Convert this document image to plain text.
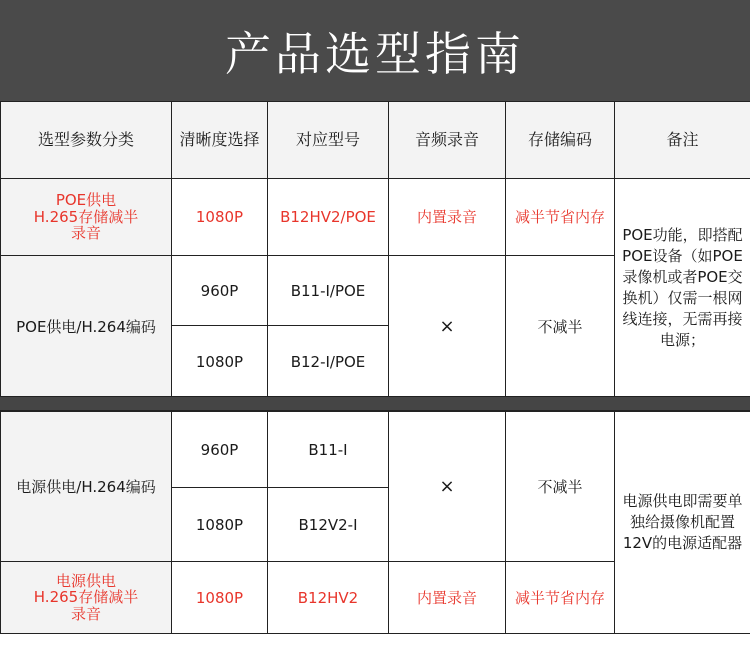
产品选型指南
选型参数分类	清晰度选择	对应型号	音频录音	存储编码	备注

POE供电
H.265存储减半
录音	1080P	B12HV2/POE	内置录音	减半节省内存	POE功能，即搭配POE设备（如POE录像机或者POE交换机）仅需一根网线连接，无需再接电源；
POE供电/H.264编码	960P	B11-I/POE	×	不减半	
	1080P	B12-I/POE			
电源供电/H.264编码	960P	B11-I	×	不减半	电源供电即需要单独给摄像机配置12V的电源适配器
	1080P	B12V2-I			

电源供电
H.265存储减半
录音	1080P	B12HV2	内置录音	减半节省内存	
